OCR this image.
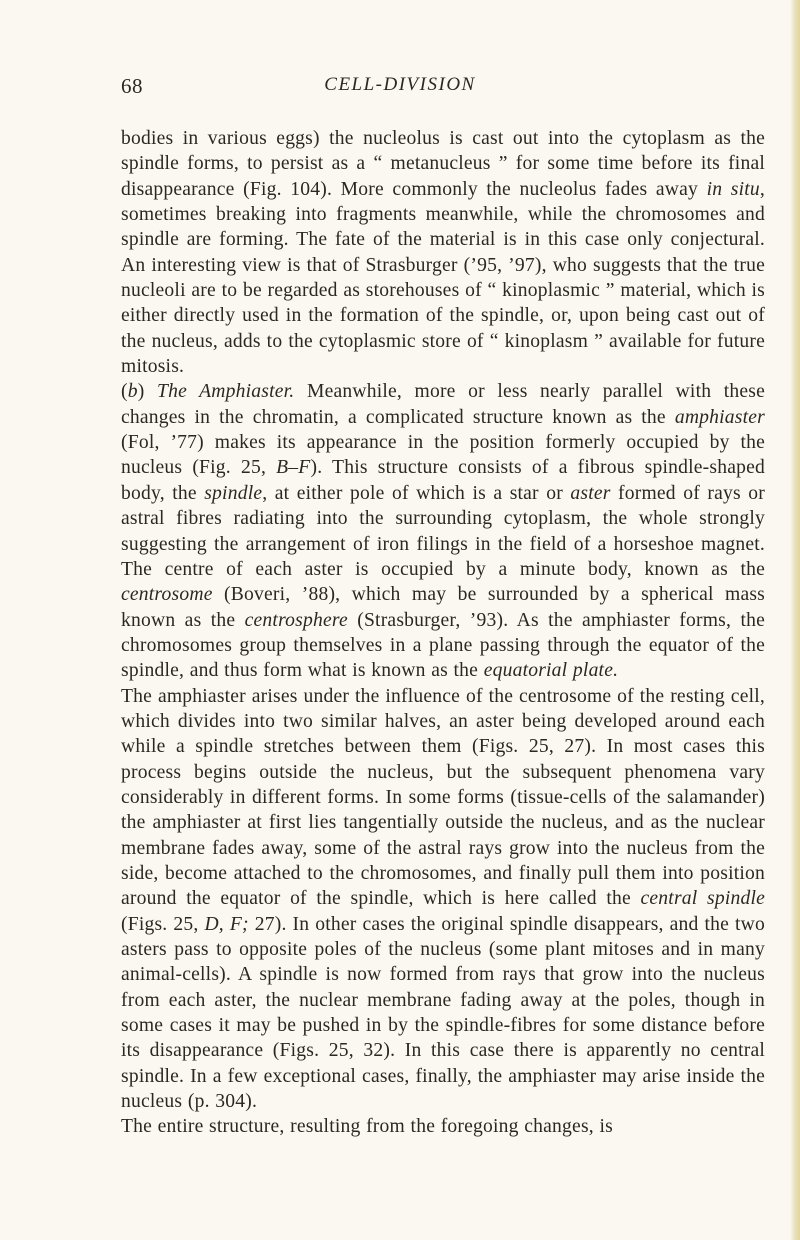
68	CELL-DIVISION

bodies in various eggs) the nucleolus is cast out into the cytoplasm as the spindle forms, to persist as a “ metanucleus ” for some time before its final disappearance (Fig. 104). More commonly the nucleolus fades away in situ, sometimes breaking into fragments meanwhile, while the chromosomes and spindle are forming. The fate of the material is in this case only conjectural. An interesting view is that of Strasburger (’95, ’97), who suggests that the true nucleoli are to be regarded as storehouses of “ kinoplasmic ” material, which is either directly used in the formation of the spindle, or, upon being cast out of the nucleus, adds to the cytoplasmic store of “ kinoplasm ” available for future mitosis.

(b) The Amphiaster. Meanwhile, more or less nearly parallel with these changes in the chromatin, a complicated structure known as the amphiaster (Fol, ’77) makes its appearance in the position formerly occupied by the nucleus (Fig. 25, B–F). This structure consists of a fibrous spindle-shaped body, the spindle, at either pole of which is a star or aster formed of rays or astral fibres radiating into the surrounding cytoplasm, the whole strongly suggesting the arrangement of iron filings in the field of a horseshoe magnet. The centre of each aster is occupied by a minute body, known as the centrosome (Boveri, ’88), which may be surrounded by a spherical mass known as the centrosphere (Strasburger, ’93). As the amphiaster forms, the chromosomes group themselves in a plane passing through the equator of the spindle, and thus form what is known as the equatorial plate.

The amphiaster arises under the influence of the centrosome of the resting cell, which divides into two similar halves, an aster being developed around each while a spindle stretches between them (Figs. 25, 27). In most cases this process begins outside the nucleus, but the subsequent phenomena vary considerably in different forms. In some forms (tissue-cells of the salamander) the amphiaster at first lies tangentially outside the nucleus, and as the nuclear membrane fades away, some of the astral rays grow into the nucleus from the side, become attached to the chromosomes, and finally pull them into position around the equator of the spindle, which is here called the central spindle (Figs. 25, D, F; 27). In other cases the original spindle disappears, and the two asters pass to opposite poles of the nucleus (some plant mitoses and in many animal-cells). A spindle is now formed from rays that grow into the nucleus from each aster, the nuclear membrane fading away at the poles, though in some cases it may be pushed in by the spindle-fibres for some distance before its disappearance (Figs. 25, 32). In this case there is apparently no central spindle. In a few exceptional cases, finally, the amphiaster may arise inside the nucleus (p. 304).

The entire structure, resulting from the foregoing changes, is
